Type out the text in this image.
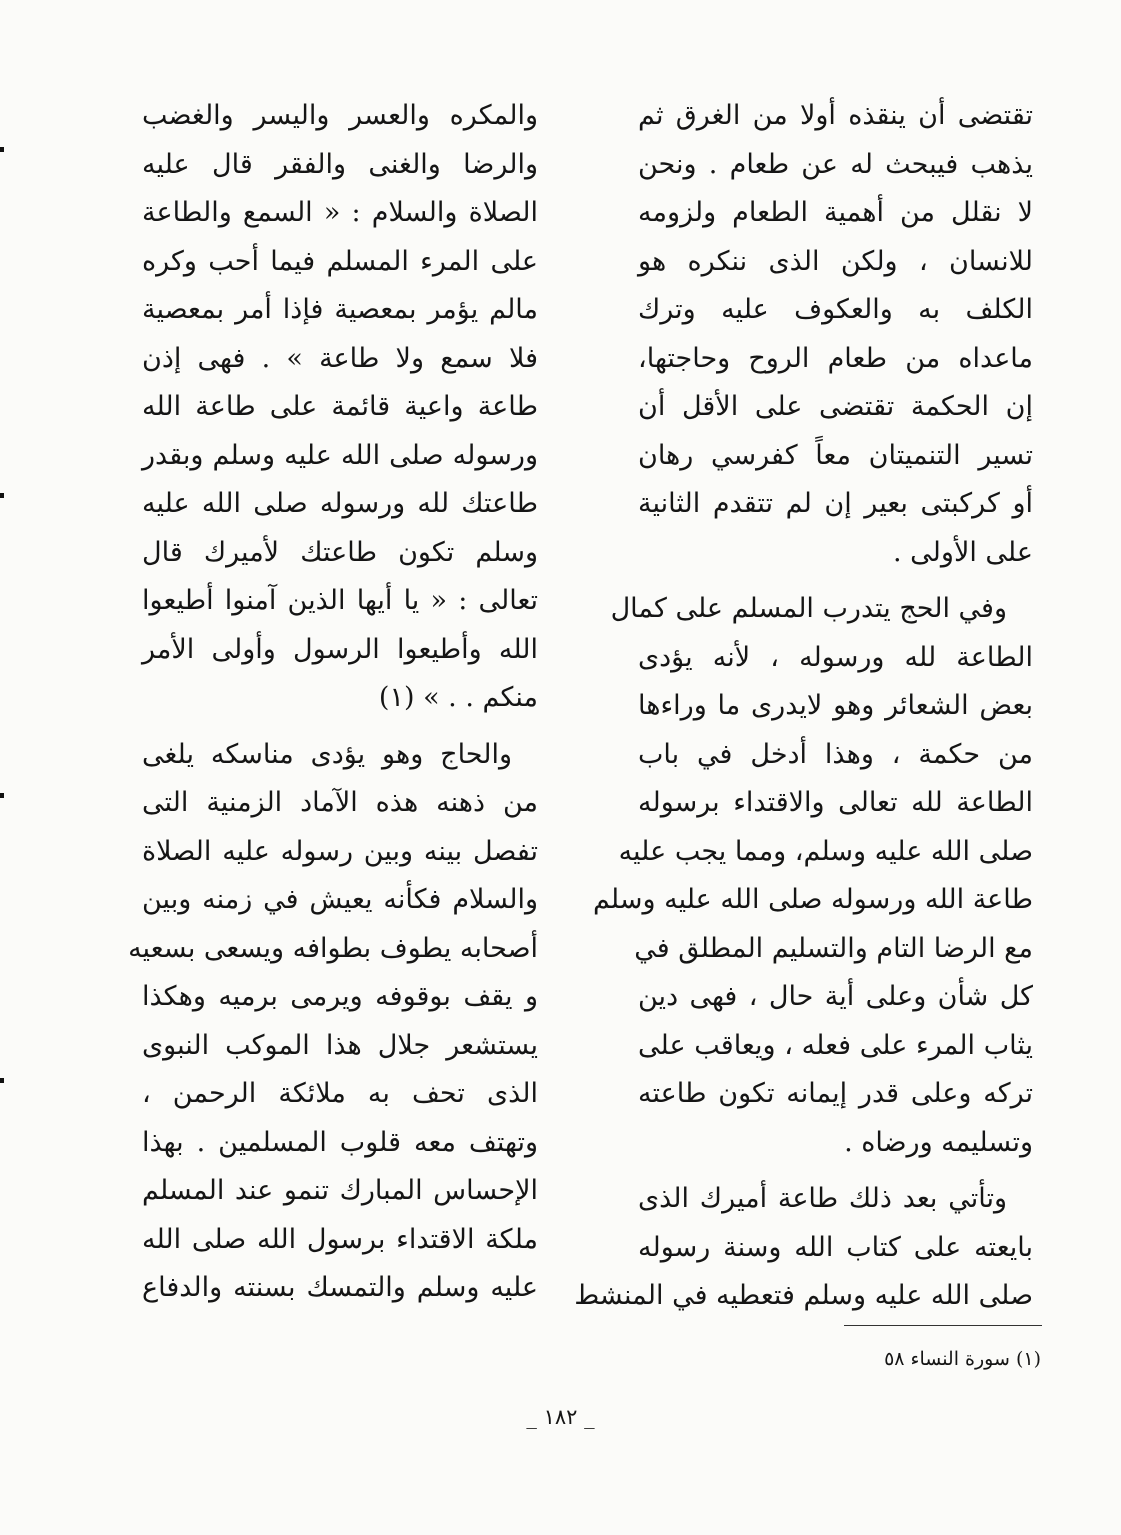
تقتضى أن ينقذه أولا من الغرق ثم
يذهب فيبحث له عن طعام . ونحن
لا نقلل من أهمية الطعام ولزومه
للانسان ، ولكن الذى ننكره هو
الكلف به والعكوف عليه وترك
ماعداه من طعام الروح وحاجتها،
إن الحكمة تقتضى على الأقل أن
تسير التنميتان معاً كفرسي رهان
أو كركبتى بعير إن لم تتقدم الثانية
على الأولى .
وفي الحج يتدرب المسلم على كمال
الطاعة لله ورسوله ، لأنه يؤدى
بعض الشعائر وهو لايدرى ما وراءها
من حكمة ، وهذا أدخل في باب
الطاعة لله تعالى والاقتداء برسوله
صلى الله عليه وسلم، ومما يجب عليه
طاعة الله ورسوله صلى الله عليه وسلم
مع الرضا التام والتسليم المطلق في
كل شأن وعلى أية حال ، فهى دين
يثاب المرء على فعله ، ويعاقب على
تركه وعلى قدر إيمانه تكون طاعته
وتسليمه ورضاه .
وتأتي بعد ذلك طاعة أميرك الذى
بايعته على كتاب الله وسنة رسوله
صلى الله عليه وسلم فتعطيه في المنشط
والمكره والعسر واليسر والغضب
والرضا والغنى والفقر قال عليه
الصلاة والسلام : « السمع والطاعة
على المرء المسلم فيما أحب وكره
مالم يؤمر بمعصية فإذا أمر بمعصية
فلا سمع ولا طاعة » . فهى إذن
طاعة واعية قائمة على طاعة الله
ورسوله صلى الله عليه وسلم وبقدر
طاعتك لله ورسوله صلى الله عليه
وسلم تكون طاعتك لأميرك قال
تعالى : « يا أيها الذين آمنوا أطيعوا
الله وأطيعوا الرسول وأولى الأمر
منكم . . » (١)
والحاج وهو يؤدى مناسكه يلغى
من ذهنه هذه الآماد الزمنية التى
تفصل بينه وبين رسوله عليه الصلاة
والسلام فكأنه يعيش في زمنه وبين
أصحابه يطوف بطوافه ويسعى بسعيه
و يقف بوقوفه ويرمى برميه وهكذا
يستشعر جلال هذا الموكب النبوى
الذى تحف به ملائكة الرحمن ،
وتهتف معه قلوب المسلمين . بهذا
الإحساس المبارك تنمو عند المسلم
ملكة الاقتداء برسول الله صلى الله
عليه وسلم والتمسك بسنته والدفاع
(١) سورة النساء ٥٨
_ ١٨٢ _
